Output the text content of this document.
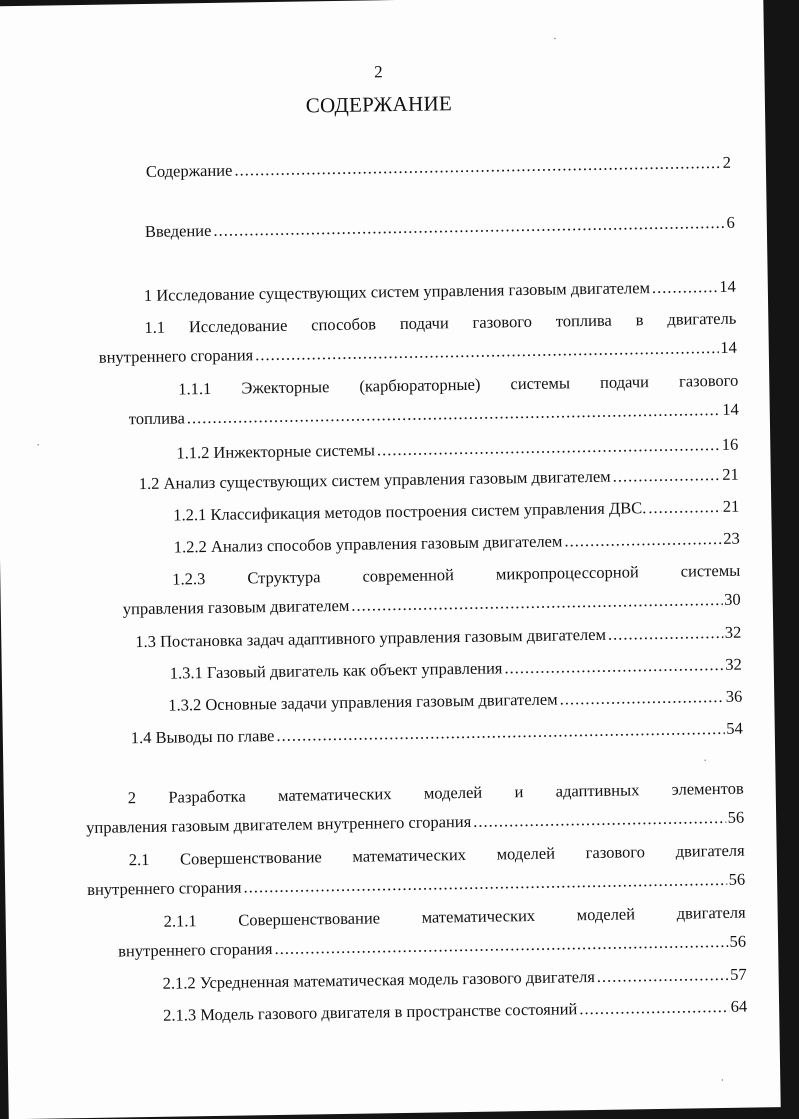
·
·
·
·
2
СОДЕРЖАНИЕ
Содержание .....	2
Введение .....	6
1 Исследование существующих систем управления газовым двигателем .....	14
1.1 Исследование способов подачи газового топлива в двигатель
внутреннего сгорания .....	14
1.1.1 Эжекторные (карбюраторные) системы подачи газового
топлива .....	14
1.1.2 Инжекторные системы .....	16
1.2 Анализ существующих систем управления газовым двигателем .....	21
1.2.1 Классификация методов построения систем управления ДВС. .....	21
1.2.2 Анализ способов управления газовым двигателем .....	23
1.2.3 Структура современной микропроцессорной системы
управления газовым двигателем .....	30
1.3 Постановка задач адаптивного управления газовым двигателем .....	32
1.3.1 Газовый двигатель как объект управления .....	32
1.3.2 Основные задачи управления газовым двигателем .....	36
1.4 Выводы по главе .....	54
2 Разработка математических моделей и адаптивных элементов
управления газовым двигателем внутреннего сгорания .....	56
2.1 Совершенствование математических моделей газового двигателя
внутреннего сгорания .....	56
2.1.1 Совершенствование математических моделей двигателя
внутреннего сгорания .....	56
2.1.2 Усредненная математическая модель газового двигателя .....	57
2.1.3 Модель газового двигателя в пространстве состояний .....	64
